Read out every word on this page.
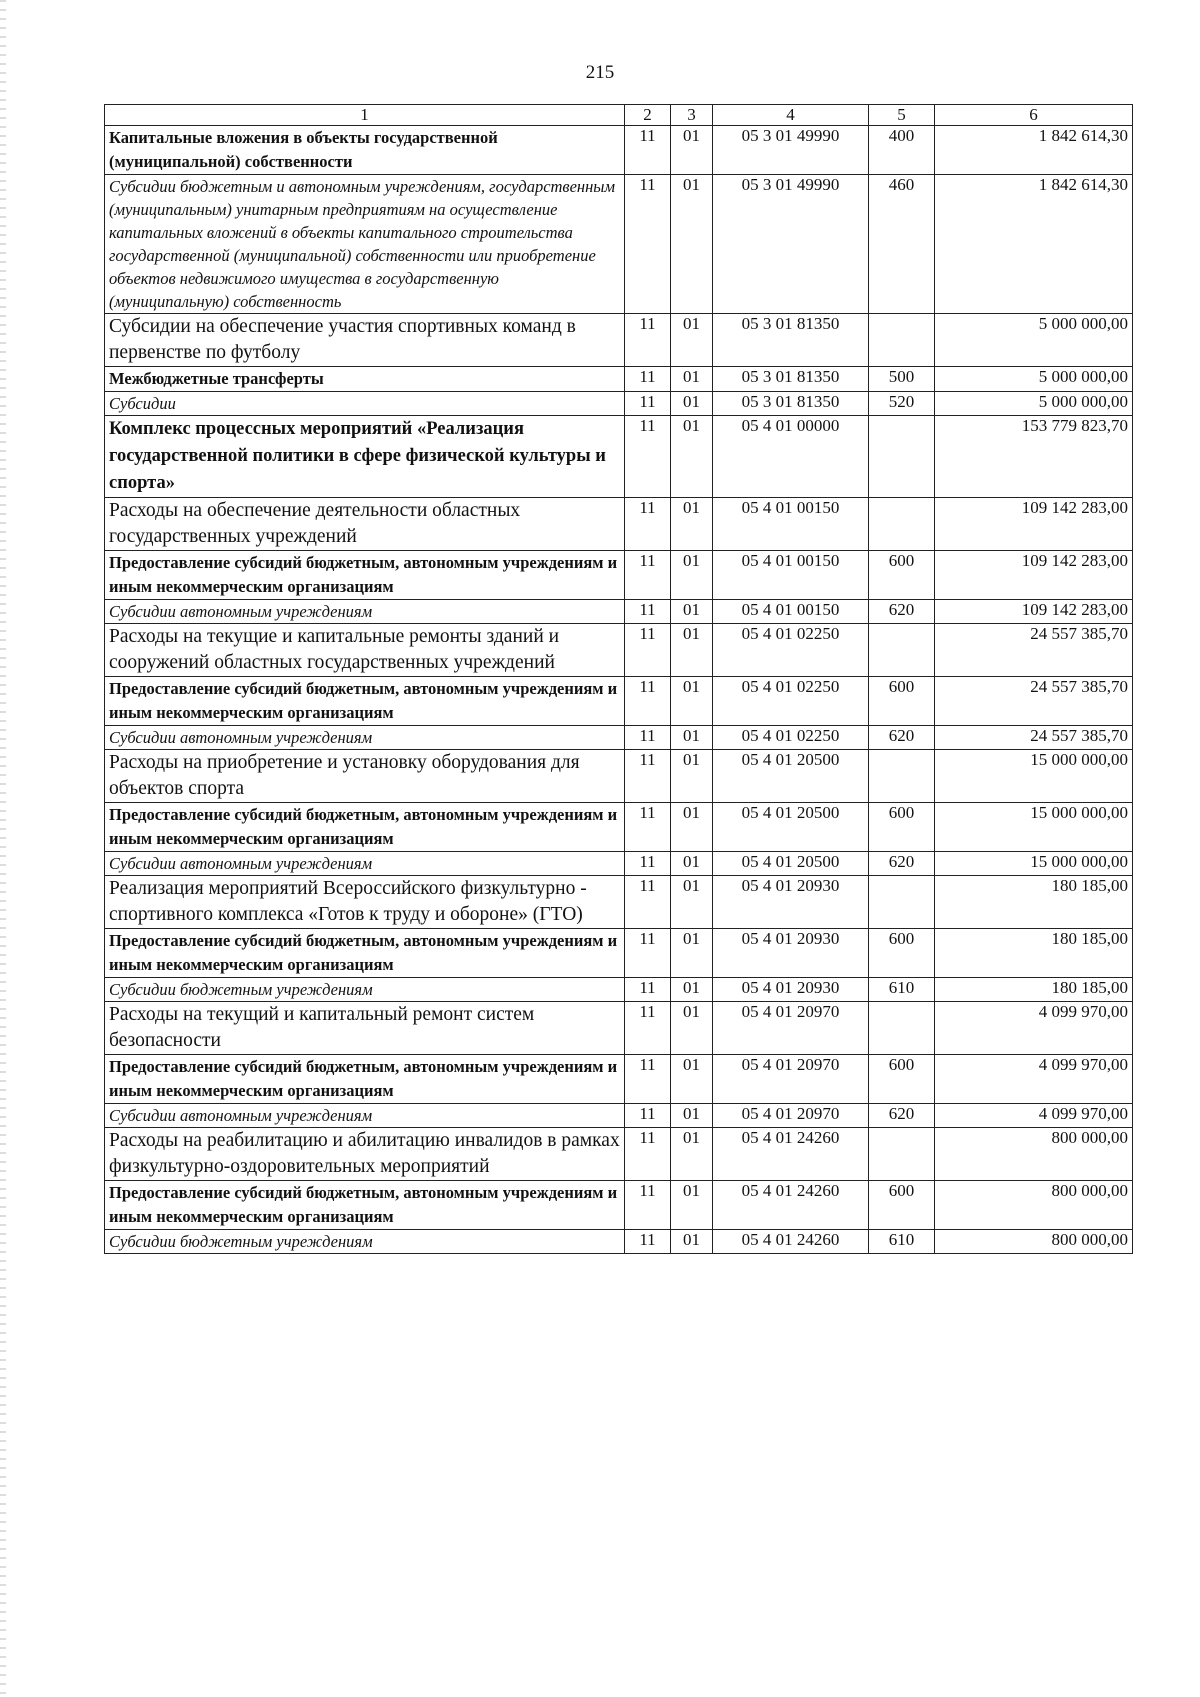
215
1	2	3	4	5	6
Капитальные вложения в объекты государственной (муниципальной) собственности	11	01	05 3 01 49990	400	1 842 614,30
Субсидии бюджетным и автономным учреждениям, государственным (муниципальным) унитарным предприятиям на осуществление капитальных вложений в объекты капитального строительства государственной (муниципальной) собственности или приобретение объектов недвижимого имущества в государственную (муниципальную) собственность	11	01	05 3 01 49990	460	1 842 614,30
Субсидии на обеспечение участия спортивных команд в первенстве по футболу	11	01	05 3 01 81350		5 000 000,00
Межбюджетные трансферты	11	01	05 3 01 81350	500	5 000 000,00
Субсидии	11	01	05 3 01 81350	520	5 000 000,00
Комплекс процессных мероприятий «Реализация государственной политики в сфере физической культуры и спорта»	11	01	05 4 01 00000		153 779 823,70
Расходы на обеспечение деятельности областных государственных учреждений	11	01	05 4 01 00150		109 142 283,00
Предоставление субсидий бюджетным, автономным учреждениям и иным некоммерческим организациям	11	01	05 4 01 00150	600	109 142 283,00
Субсидии автономным учреждениям	11	01	05 4 01 00150	620	109 142 283,00
Расходы на текущие и капитальные ремонты зданий и сооружений областных государственных учреждений	11	01	05 4 01 02250		24 557 385,70
Предоставление субсидий бюджетным, автономным учреждениям и иным некоммерческим организациям	11	01	05 4 01 02250	600	24 557 385,70
Субсидии автономным учреждениям	11	01	05 4 01 02250	620	24 557 385,70
Расходы на приобретение и установку оборудования для объектов спорта	11	01	05 4 01 20500		15 000 000,00
Предоставление субсидий бюджетным, автономным учреждениям и иным некоммерческим организациям	11	01	05 4 01 20500	600	15 000 000,00
Субсидии автономным учреждениям	11	01	05 4 01 20500	620	15 000 000,00
Реализация мероприятий Всероссийского физкультурно - спортивного комплекса «Готов к труду и обороне» (ГТО)	11	01	05 4 01 20930		180 185,00
Предоставление субсидий бюджетным, автономным учреждениям и иным некоммерческим организациям	11	01	05 4 01 20930	600	180 185,00
Субсидии бюджетным учреждениям	11	01	05 4 01 20930	610	180 185,00
Расходы на текущий и капитальный ремонт систем безопасности	11	01	05 4 01 20970		4 099 970,00
Предоставление субсидий бюджетным, автономным учреждениям и иным некоммерческим организациям	11	01	05 4 01 20970	600	4 099 970,00
Субсидии автономным учреждениям	11	01	05 4 01 20970	620	4 099 970,00
Расходы на реабилитацию и абилитацию инвалидов в рамках физкультурно-оздоровительных мероприятий	11	01	05 4 01 24260		800 000,00
Предоставление субсидий бюджетным, автономным учреждениям и иным некоммерческим организациям	11	01	05 4 01 24260	600	800 000,00
Субсидии бюджетным учреждениям	11	01	05 4 01 24260	610	800 000,00
